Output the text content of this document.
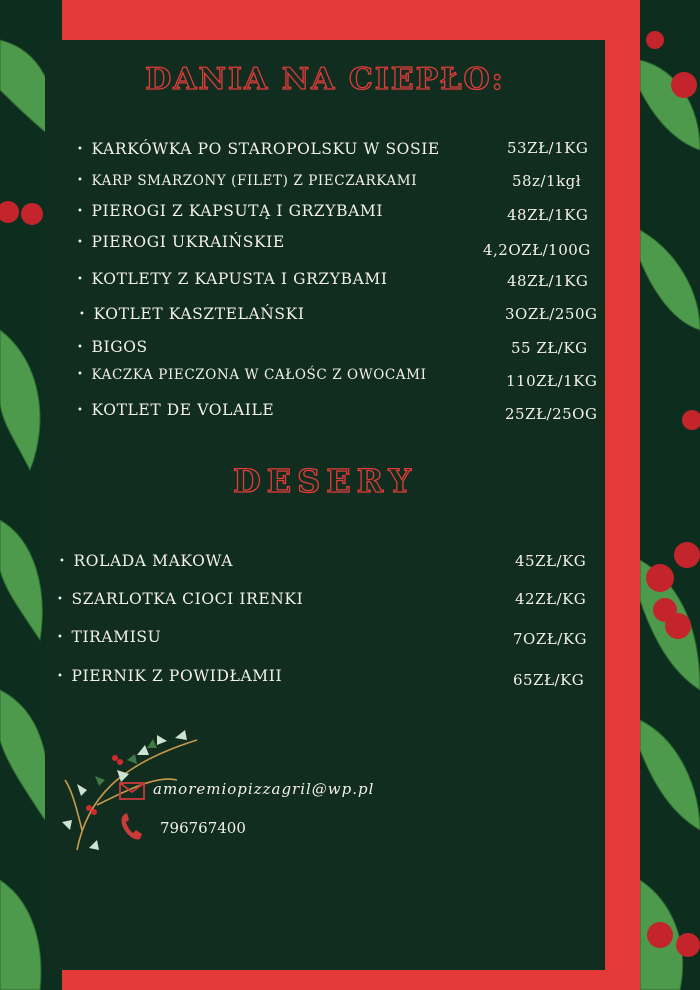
DANIA NA CIEPŁO:
• KARKÓWKA PO STAROPOLSKU W SOSIE	53ZŁ/1KG
• KARP SMARZONY (FILET) Z PIECZARKAMI	58z/1kgł
• PIEROGI Z KAPSUTĄ I GRZYBAMI	48ZŁ/1KG
• PIEROGI UKRAIŃSKIE	4,2OZŁ/100G
• KOTLETY Z KAPUSTA I GRZYBAMI	48ZŁ/1KG
• KOTLET KASZTELAŃSKI	3OZŁ/250G
• BIGOS	55 ZŁ/KG
• KACZKA PIECZONA W CAŁOŚC Z OWOCAMI	110ZŁ/1KG
• KOTLET DE VOLAILE	25ZŁ/25OG
DESERY
• ROLADA MAKOWA	45ZŁ/KG
• SZARLOTKA CIOCI IRENKI	42ZŁ/KG
• TIRAMISU	7OZŁ/KG
• PIERNIK Z POWIDŁAMII	65ZŁ/KG
amoremiopizzagril@wp.pl
796767400
